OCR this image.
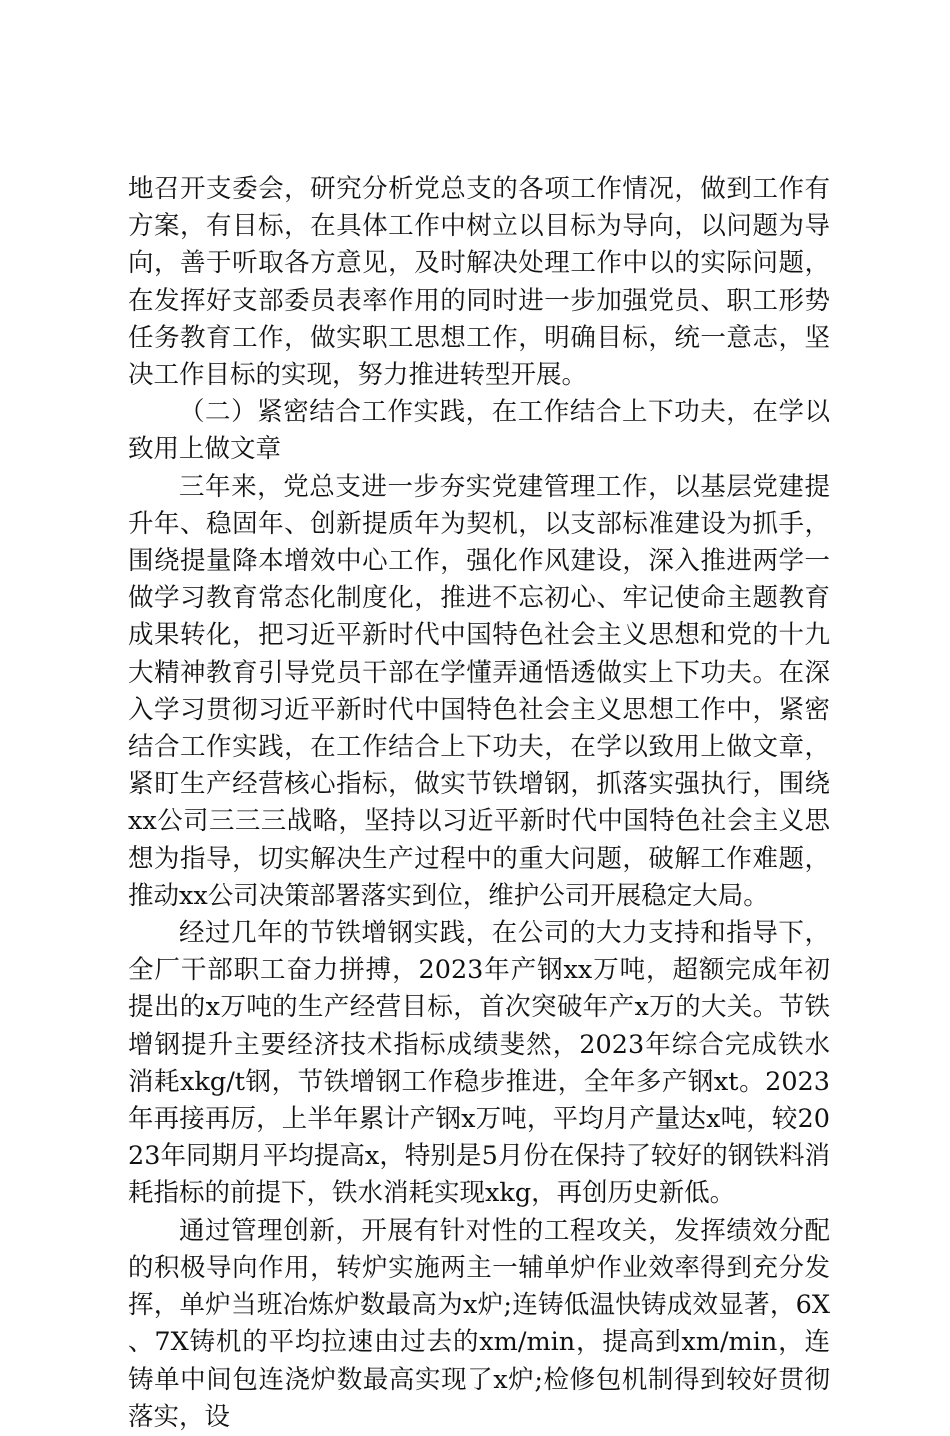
地召开支委会，研究分析党总支的各项工作情况，做到工作有方案，有目标，在具体工作中树立以目标为导向，以问题为导向，善于听取各方意见，及时解决处理工作中以的实际问题，在发挥好支部委员表率作用的同时进一步加强党员、职工形势任务教育工作，做实职工思想工作，明确目标，统一意志，坚决工作目标的实现，努力推进转型开展。

（二）紧密结合工作实践，在工作结合上下功夫，在学以致用上做文章

三年来，党总支进一步夯实党建管理工作，以基层党建提升年、稳固年、创新提质年为契机，以支部标准建设为抓手，围绕提量降本增效中心工作，强化作风建设，深入推进两学一做学习教育常态化制度化，推进不忘初心、牢记使命主题教育成果转化，把习近平新时代中国特色社会主义思想和党的十九大精神教育引导党员干部在学懂弄通悟透做实上下功夫。在深入学习贯彻习近平新时代中国特色社会主义思想工作中，紧密结合工作实践，在工作结合上下功夫，在学以致用上做文章，紧盯生产经营核心指标，做实节铁增钢，抓落实强执行，围绕xx公司三三三战略，坚持以习近平新时代中国特色社会主义思想为指导，切实解决生产过程中的重大问题，破解工作难题，推动xx公司决策部署落实到位，维护公司开展稳定大局。

经过几年的节铁增钢实践，在公司的大力支持和指导下，全厂干部职工奋力拼搏，2023年产钢xx万吨，超额完成年初提出的x万吨的生产经营目标，首次突破年产x万的大关。节铁增钢提升主要经济技术指标成绩斐然，2023年综合完成铁水消耗xkg/t钢，节铁增钢工作稳步推进，全年多产钢xt。2023年再接再厉，上半年累计产钢x万吨，平均月产量达x吨，较2023年同期月平均提高x，特别是5月份在保持了较好的钢铁料消耗指标的前提下，铁水消耗实现xkg，再创历史新低。

通过管理创新，开展有针对性的工程攻关，发挥绩效分配的积极导向作用，转炉实施两主一辅单炉作业效率得到充分发挥，单炉当班冶炼炉数最高为x炉;连铸低温快铸成效显著，6X、7X铸机的平均拉速由过去的xm/min，提高到xm/min，连铸单中间包连浇炉数最高实现了x炉;检修包机制得到较好贯彻落实，设
